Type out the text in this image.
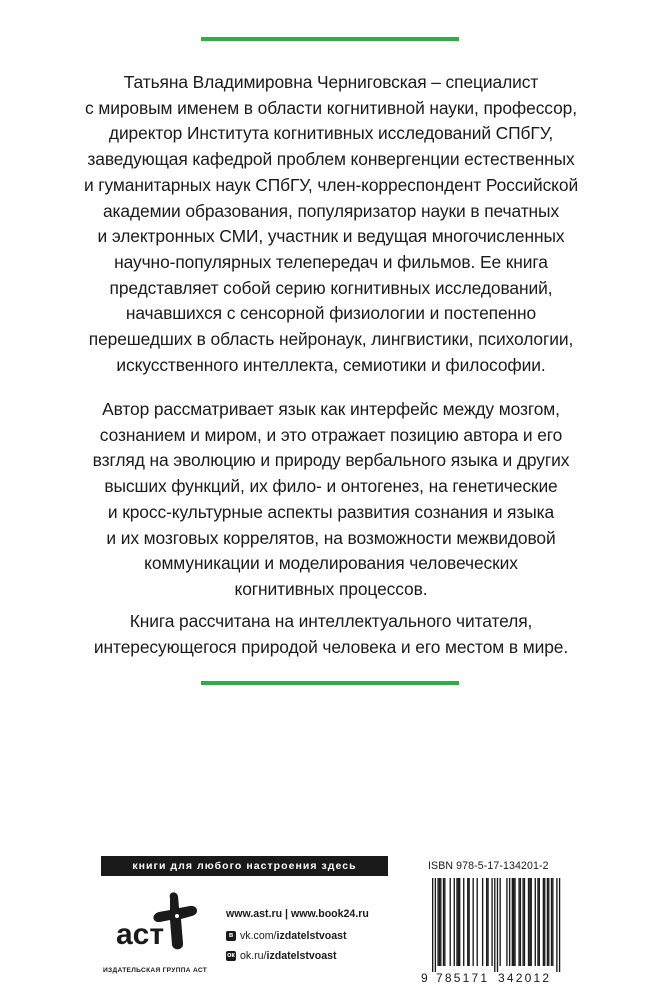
Татьяна Владимировна Черниговская – специалист
с мировым именем в области когнитивной науки, профессор,
директор Института когнитивных исследований СПбГУ,
заведующая кафедрой проблем конвергенции естественных
и гуманитарных наук СПбГУ, член-корреспондент Российской
академии образования, популяризатор науки в печатных
и электронных СМИ, участник и ведущая многочисленных
научно-популярных телепередач и фильмов. Ее книга
представляет собой серию когнитивных исследований,
начавшихся с сенсорной физиологии и постепенно
перешедших в область нейронаук, лингвистики, психологии,
искусственного интеллекта, семиотики и философии.
Автор рассматривает язык как интерфейс между мозгом,
сознанием и миром, и это отражает позицию автора и его
взгляд на эволюцию и природу вербального языка и других
высших функций, их фило- и онтогенез, на генетические
и кросс-культурные аспекты развития сознания и языка
и их мозговых коррелятов, на возможности межвидовой
коммуникации и моделирования человеческих
когнитивных процессов.
Книга рассчитана на интеллектуального читателя,
интересующегося природой человека и его местом в мире.
книги для любого настроения здесь
аст
ИЗДАТЕЛЬСКАЯ ГРУППА АСТ
www.ast.ru | www.book24.ru
в vk.com/ izdatelstvoast
ок ok.ru/ izdatelstvoast
ISBN 978-5-17-134201-2
9 785171 342012
